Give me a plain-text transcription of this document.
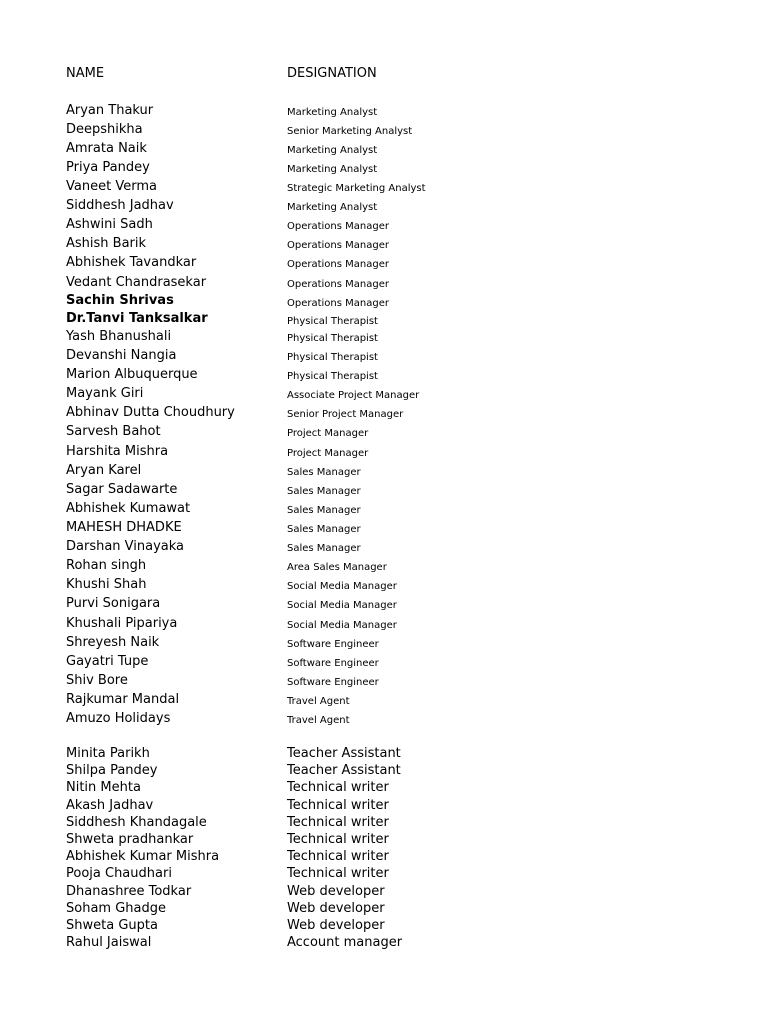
NAME	DESIGNATION
Aryan Thakur	Marketing Analyst
Deepshikha	Senior Marketing Analyst
Amrata Naik	Marketing Analyst
Priya Pandey	Marketing Analyst
Vaneet Verma	Strategic Marketing Analyst
Siddhesh Jadhav	Marketing Analyst
Ashwini Sadh	Operations Manager
Ashish Barik	Operations Manager
Abhishek Tavandkar	Operations Manager
Vedant Chandrasekar	Operations Manager
Sachin Shrivas	Operations Manager
Dr.Tanvi Tanksalkar	Physical Therapist
Yash Bhanushali	Physical Therapist
Devanshi Nangia	Physical Therapist
Marion Albuquerque	Physical Therapist
Mayank Giri	Associate Project Manager
Abhinav Dutta Choudhury	Senior Project Manager
Sarvesh Bahot	Project Manager
Harshita Mishra	Project Manager
Aryan Karel	Sales Manager
Sagar Sadawarte	Sales Manager
Abhishek Kumawat	Sales Manager
MAHESH DHADKE	Sales Manager
Darshan Vinayaka	Sales Manager
Rohan singh	Area Sales Manager
Khushi Shah	Social Media Manager
Purvi Sonigara	Social Media Manager
Khushali Pipariya	Social Media Manager
Shreyesh Naik	Software Engineer
Gayatri Tupe	Software Engineer
Shiv Bore	Software Engineer
Rajkumar Mandal	Travel Agent
Amuzo Holidays	Travel Agent
Minita Parikh	Teacher Assistant
Shilpa Pandey	Teacher Assistant
Nitin Mehta	Technical writer
Akash Jadhav	Technical writer
Siddhesh Khandagale	Technical writer
Shweta pradhankar	Technical writer
Abhishek Kumar Mishra	Technical writer
Pooja Chaudhari	Technical writer
Dhanashree Todkar	Web developer
Soham Ghadge	Web developer
Shweta Gupta	Web developer
Rahul Jaiswal	Account manager
